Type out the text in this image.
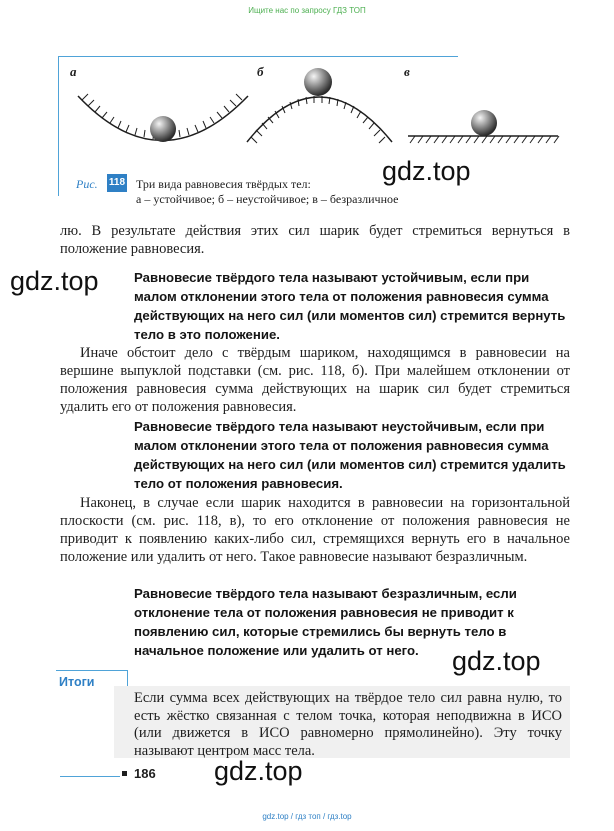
Ищите нас по запросу ГДЗ ТОП
а	б	в
Рис. 118 Три вида равновесия твёрдых тел:
а – устойчивое; б – неустойчивое; в – безразличное
gdz.top
лю. В результате действия этих сил шарик будет стремиться вернуться в положение равновесия.
gdz.top	Равновесие твёрдого тела называют устойчивым, если при малом отклонении этого тела от положения равновесия сумма действующих на него сил (или моментов сил) стремится вернуть тело в это положение.
Иначе обстоит дело с твёрдым шариком, находящимся в равновесии на вершине выпуклой подставки (см. рис. 118, б). При малейшем отклонении от положения равновесия сумма действующих на шарик сил будет стремиться удалить его от положения равновесия.
Равновесие твёрдого тела называют неустойчивым, если при малом отклонении этого тела от положения равновесия сумма действующих на него сил (или моментов сил) стремится удалить тело от положения равновесия.
Наконец, в случае если шарик находится в равновесии на горизонтальной плоскости (см. рис. 118, в), то его отклонение от положения равновесия не приводит к появлению каких-либо сил, стремящихся вернуть его в начальное положение или удалить от него. Такое равновесие называют безразличным.
Равновесие твёрдого тела называют безразличным, если отклонение тела от положения равновесия не приводит к появлению сил, которые стремились бы вернуть тело в начальное положение или удалить от него.	gdz.top
Итоги
Если сумма всех действующих на твёрдое тело сил равна нулю, то есть жёстко связанная с телом точка, которая неподвижна в ИСО (или движется в ИСО равномерно прямолинейно). Эту точку называют центром масс тела.
186 gdz.top
gdz.top / гдз топ / гдз.top
